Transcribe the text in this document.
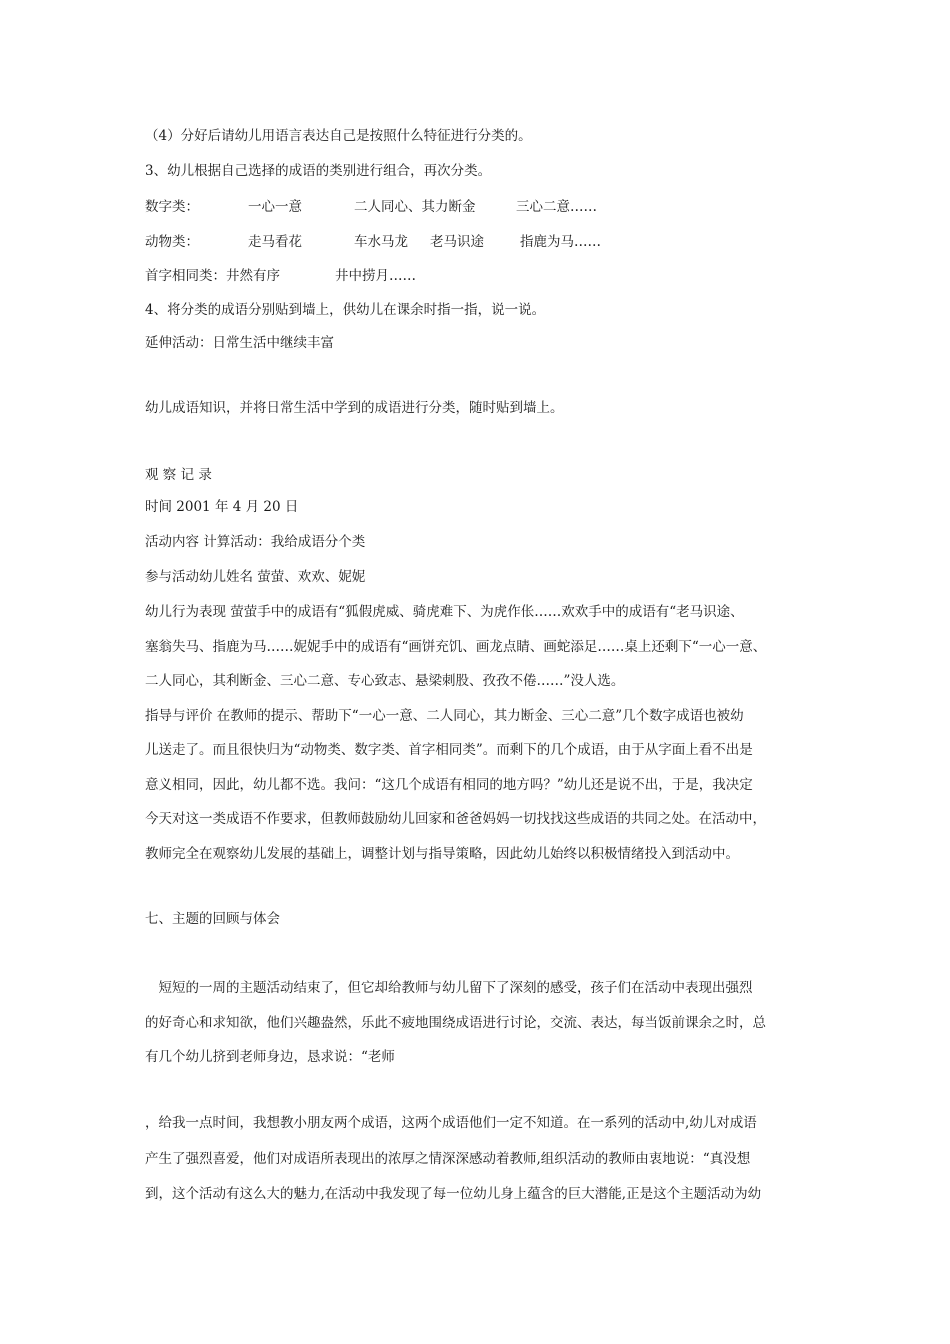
（4）分好后请幼儿用语言表达自己是按照什么特征进行分类的。

3、幼儿根据自己选择的成语的类别进行组合，再次分类。

数字类：	一心一意	二人同心、其力断金	三心二意……
动物类：	走马看花	车水马龙 老马识途	指鹿为马……
首字相同类：井然有序	井中捞月……

4、将分类的成语分别贴到墙上，供幼儿在课余时指一指，说一说。

延伸活动：日常生活中继续丰富

幼儿成语知识，并将日常生活中学到的成语进行分类，随时贴到墙上。

观 察 记 录

时间 2001 年 4 月 20 日

活动内容 计算活动：我给成语分个类

参与活动幼儿姓名 萤萤、欢欢、妮妮

幼儿行为表现 萤萤手中的成语有“狐假虎威、骑虎难下、为虎作伥……欢欢手中的成语有“老马识途、

塞翁失马、指鹿为马……妮妮手中的成语有“画饼充饥、画龙点睛、画蛇添足……桌上还剩下“一心一意、

二人同心，其利断金、三心二意、专心致志、悬梁刺股、孜孜不倦……”没人选。

指导与评价 在教师的提示、帮助下“一心一意、二人同心，其力断金、三心二意”几个数字成语也被幼

儿送走了。而且很快归为“动物类、数字类、首字相同类”。而剩下的几个成语，由于从字面上看不出是

意义相同，因此，幼儿都不选。我问：“这几个成语有相同的地方吗？”幼儿还是说不出，于是，我决定

今天对这一类成语不作要求，但教师鼓励幼儿回家和爸爸妈妈一切找找这些成语的共同之处。在活动中，

教师完全在观察幼儿发展的基础上，调整计划与指导策略，因此幼儿始终以积极情绪投入到活动中。

七、主题的回顾与体会

　短短的一周的主题活动结束了，但它却给教师与幼儿留下了深刻的感受，孩子们在活动中表现出强烈

的好奇心和求知欲，他们兴趣盎然，乐此不疲地围绕成语进行讨论，交流、表达，每当饭前课余之时，总

有几个幼儿挤到老师身边，恳求说：“老师

，给我一点时间，我想教小朋友两个成语，这两个成语他们一定不知道。在一系列的活动中,幼儿对成语

产生了强烈喜爱，他们对成语所表现出的浓厚之情深深感动着教师,组织活动的教师由衷地说：“真没想

到，这个活动有这么大的魅力,在活动中我发现了每一位幼儿身上蕴含的巨大潜能,正是这个主题活动为幼
